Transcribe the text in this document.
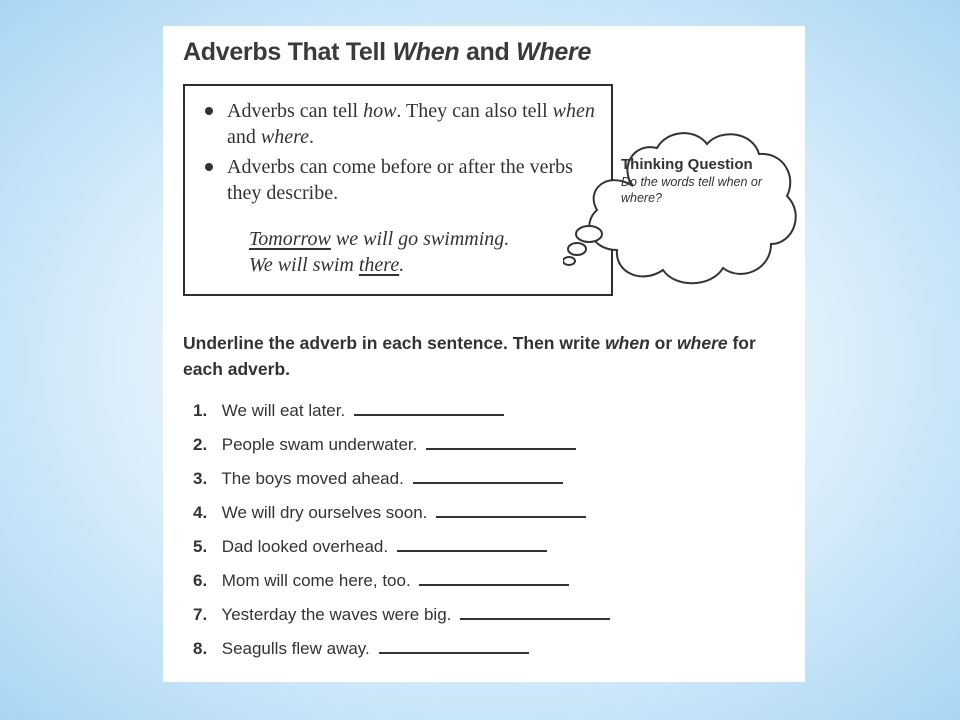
Adverbs That Tell When and Where
Adverbs can tell how. They can also tell when and where.
Adverbs can come before or after the verbs they describe.
Tomorrow we will go swimming.
We will swim there.
Thinking Question
Do the words tell when or where?

Underline the adverb in each sentence. Then write when or where for each adverb.

1. We will eat later.
2. People swam underwater.
3. The boys moved ahead.
4. We will dry ourselves soon.
5. Dad looked overhead.
6. Mom will come here, too.
7. Yesterday the waves were big.
8. Seagulls flew away.
